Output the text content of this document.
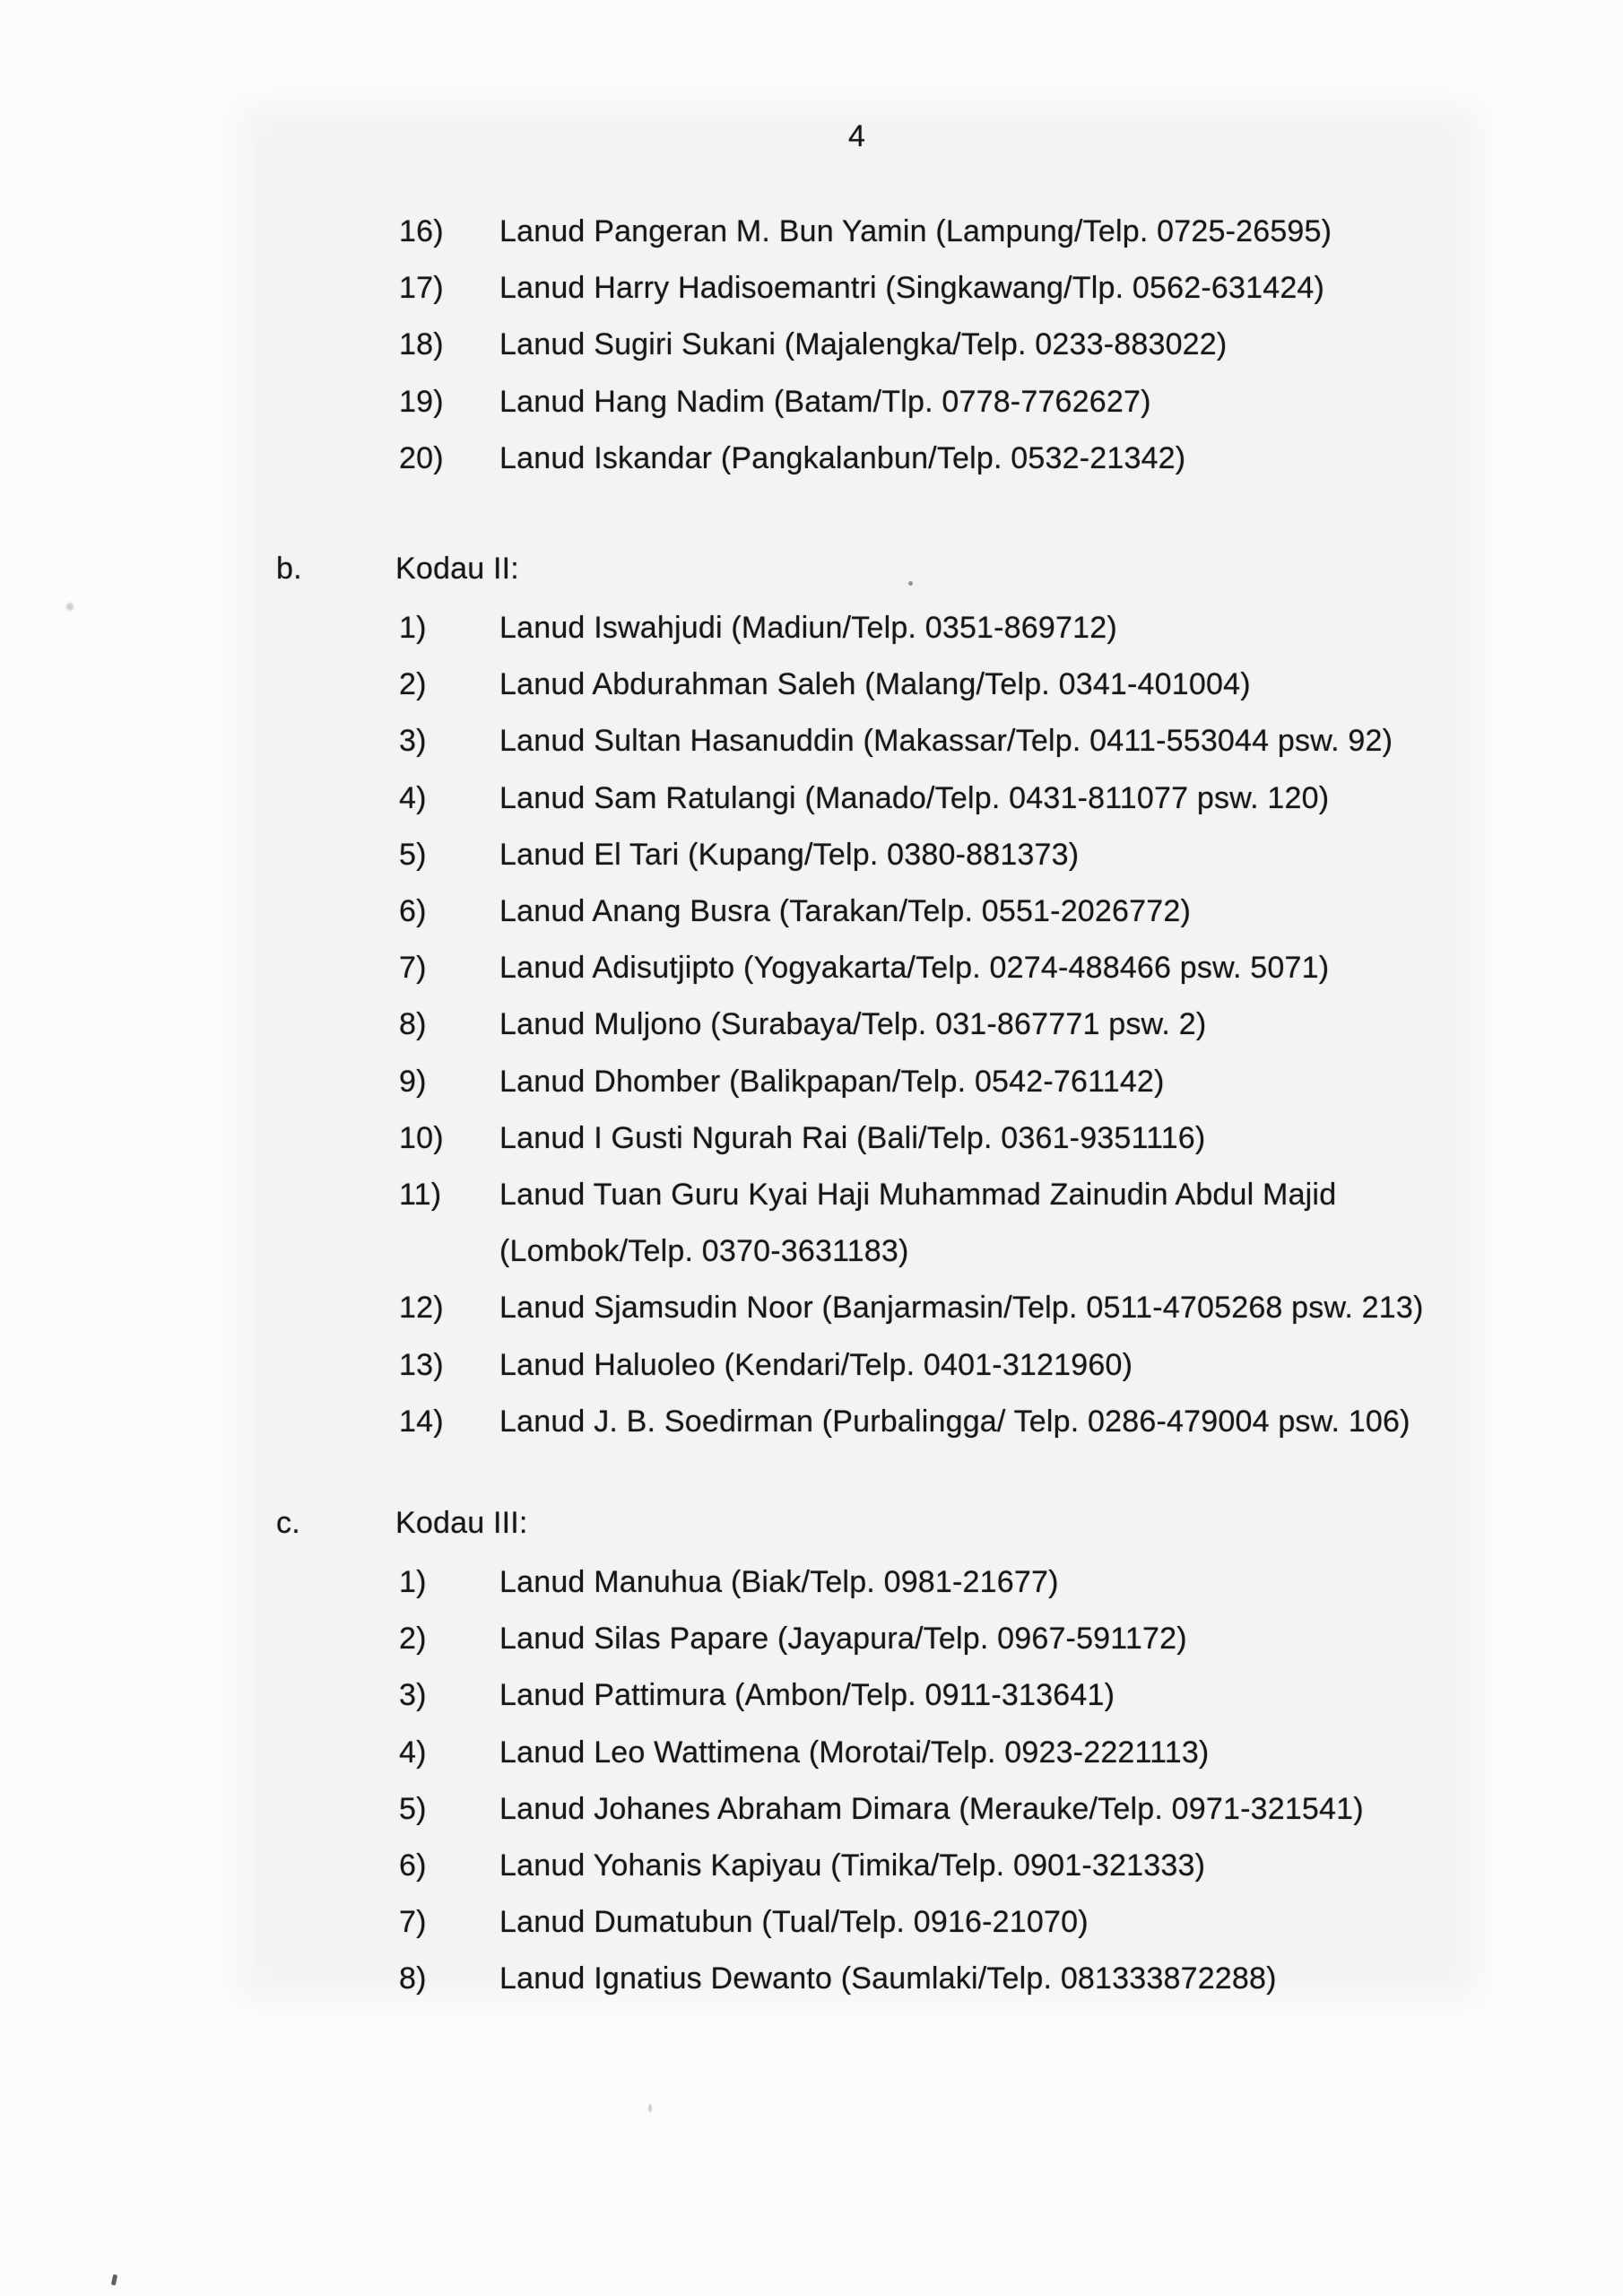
4
16) Lanud Pangeran M. Bun Yamin (Lampung/Telp. 0725-26595)
17) Lanud Harry Hadisoemantri (Singkawang/Tlp. 0562-631424)
18) Lanud Sugiri Sukani (Majalengka/Telp. 0233-883022)
19) Lanud Hang Nadim (Batam/Tlp. 0778-7762627)
20) Lanud Iskandar (Pangkalanbun/Telp. 0532-21342)
b.	Kodau II:
1) Lanud Iswahjudi (Madiun/Telp. 0351-869712)
2) Lanud Abdurahman Saleh (Malang/Telp. 0341-401004)
3) Lanud Sultan Hasanuddin (Makassar/Telp. 0411-553044 psw. 92)
4) Lanud Sam Ratulangi (Manado/Telp. 0431-811077 psw. 120)
5) Lanud El Tari (Kupang/Telp. 0380-881373)
6) Lanud Anang Busra (Tarakan/Telp. 0551-2026772)
7) Lanud Adisutjipto (Yogyakarta/Telp. 0274-488466 psw. 5071)
8) Lanud Muljono (Surabaya/Telp. 031-867771 psw. 2)
9) Lanud Dhomber (Balikpapan/Telp. 0542-761142)
10) Lanud I Gusti Ngurah Rai (Bali/Telp. 0361-9351116)
11) Lanud Tuan Guru Kyai Haji Muhammad Zainudin Abdul Majid
(Lombok/Telp. 0370-3631183)
12) Lanud Sjamsudin Noor (Banjarmasin/Telp. 0511-4705268 psw. 213)
13) Lanud Haluoleo (Kendari/Telp. 0401-3121960)
14) Lanud J. B. Soedirman (Purbalingga/ Telp. 0286-479004 psw. 106)
c.	Kodau III:
1) Lanud Manuhua (Biak/Telp. 0981-21677)
2) Lanud Silas Papare (Jayapura/Telp. 0967-591172)
3) Lanud Pattimura (Ambon/Telp. 0911-313641)
4) Lanud Leo Wattimena (Morotai/Telp. 0923-2221113)
5) Lanud Johanes Abraham Dimara (Merauke/Telp. 0971-321541)
6) Lanud Yohanis Kapiyau (Timika/Telp. 0901-321333)
7) Lanud Dumatubun (Tual/Telp. 0916-21070)
8) Lanud Ignatius Dewanto (Saumlaki/Telp. 081333872288)
